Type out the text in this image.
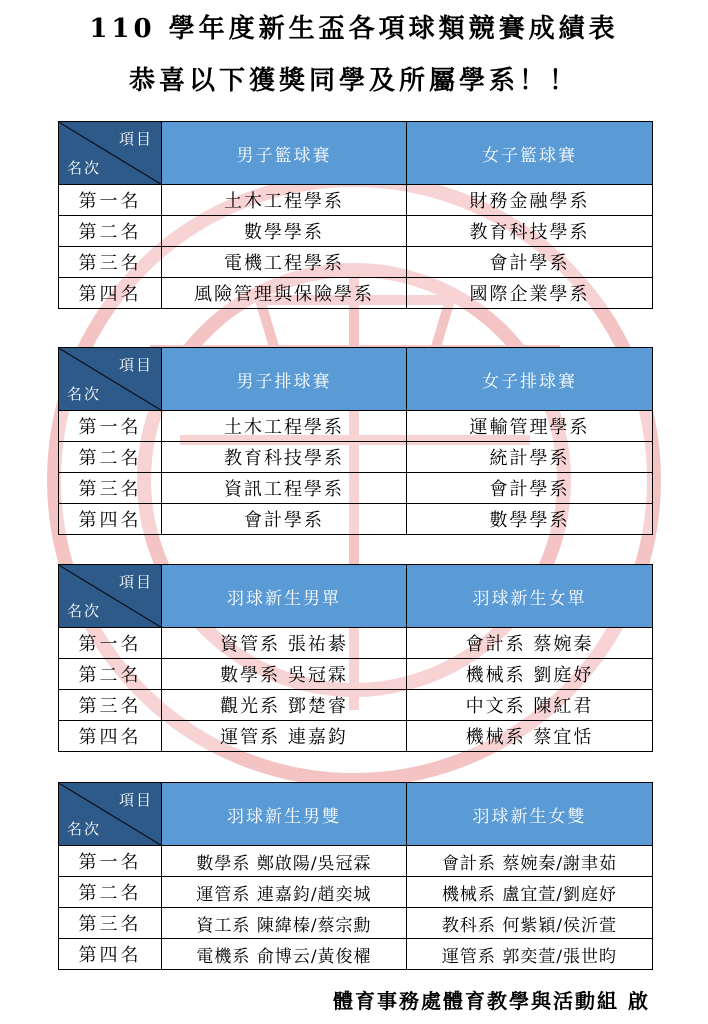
110 學年度新生盃各項球類競賽成績表
恭喜以下獲獎同學及所屬學系！！
項目
名次	男子籃球賽	女子籃球賽
第一名	土木工程學系	財務金融學系
第二名	數學學系	教育科技學系
第三名	電機工程學系	會計學系
第四名	風險管理與保險學系	國際企業學系
項目
名次	男子排球賽	女子排球賽
第一名	土木工程學系	運輸管理學系
第二名	教育科技學系	統計學系
第三名	資訊工程學系	會計學系
第四名	會計學系	數學學系
項目
名次	羽球新生男單	羽球新生女單
第一名	資管系 張祐綦	會計系 蔡婉秦
第二名	數學系 吳冠霖	機械系 劉庭妤
第三名	觀光系 鄧楚睿	中文系 陳紅君
第四名	運管系 連嘉鈞	機械系 蔡宜恬
項目
名次	羽球新生男雙	羽球新生女雙
第一名	數學系 鄭啟陽/吳冠霖	會計系 蔡婉秦/謝聿茹
第二名	運管系 連嘉鈞/趙奕城	機械系 盧宜萱/劉庭妤
第三名	資工系 陳緯榛/蔡宗勳	教科系 何紫穎/侯沂萱
第四名	電機系 俞博云/黃俊櫂	運管系 郭奕萱/張世昀
體育事務處體育教學與活動組 啟
